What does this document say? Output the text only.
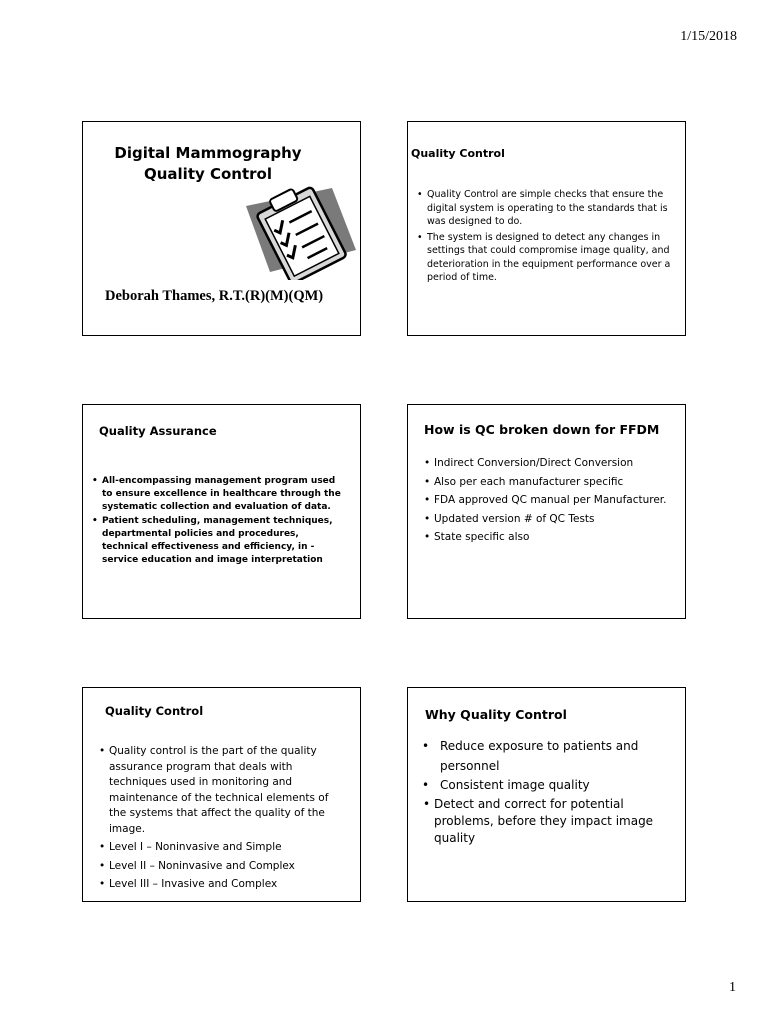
1/15/2018
Digital Mammography
Quality Control
Deborah Thames, R.T.(R)(M)(QM)
Quality Control
• Quality Control are simple checks that ensure the digital system is operating to the standards that is was designed to do.
• The system is designed to detect any changes in settings that could compromise image quality, and deterioration in the equipment performance over a period of time.
Quality Assurance
• All-encompassing management program used to ensure excellence in healthcare through the systematic collection and evaluation of data.
• Patient scheduling, management techniques, departmental policies and procedures, technical effectiveness and efficiency, in -service education and image interpretation
How is QC broken down for FFDM
• Indirect Conversion/Direct Conversion
• Also per each manufacturer specific
• FDA approved QC manual per Manufacturer.
• Updated version # of QC Tests
• State specific also
Quality Control
• Quality control is the part of the quality assurance program that deals with techniques used in monitoring and maintenance of the technical elements of the systems that affect the quality of the image.
• Level I – Noninvasive and Simple
• Level II – Noninvasive and Complex
• Level III – Invasive and Complex
Why Quality Control
• Reduce exposure to patients and personnel
• Consistent image quality
• Detect and correct for potential problems, before they impact image quality
1
